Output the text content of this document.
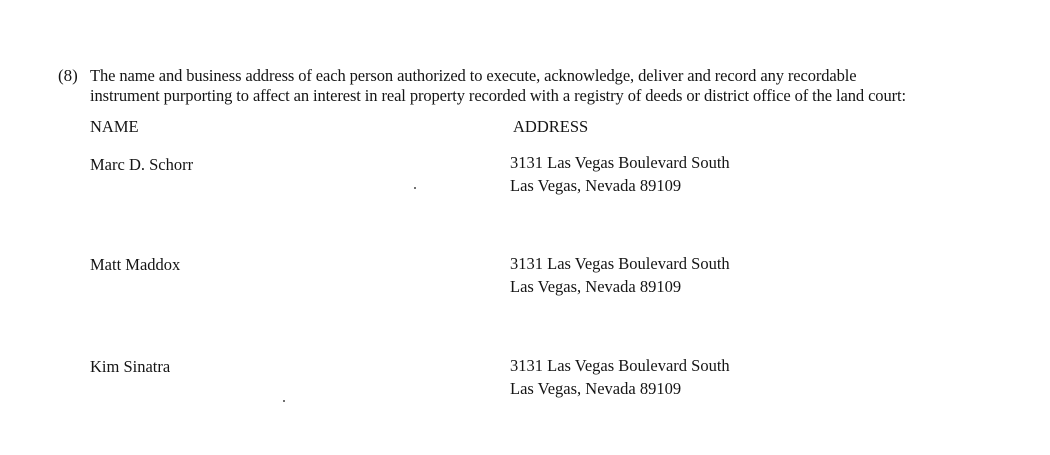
(8) The name and business address of each person authorized to execute, acknowledge, deliver and record any recordable
instrument purporting to affect an interest in real property recorded with a registry of deeds or district office of the land court:
NAME	ADDRESS
Marc D. Schorr	3131 Las Vegas Boulevard South
Las Vegas, Nevada 89109
Matt Maddox	3131 Las Vegas Boulevard South
Las Vegas, Nevada 89109
Kim Sinatra	3131 Las Vegas Boulevard South
Las Vegas, Nevada 89109
